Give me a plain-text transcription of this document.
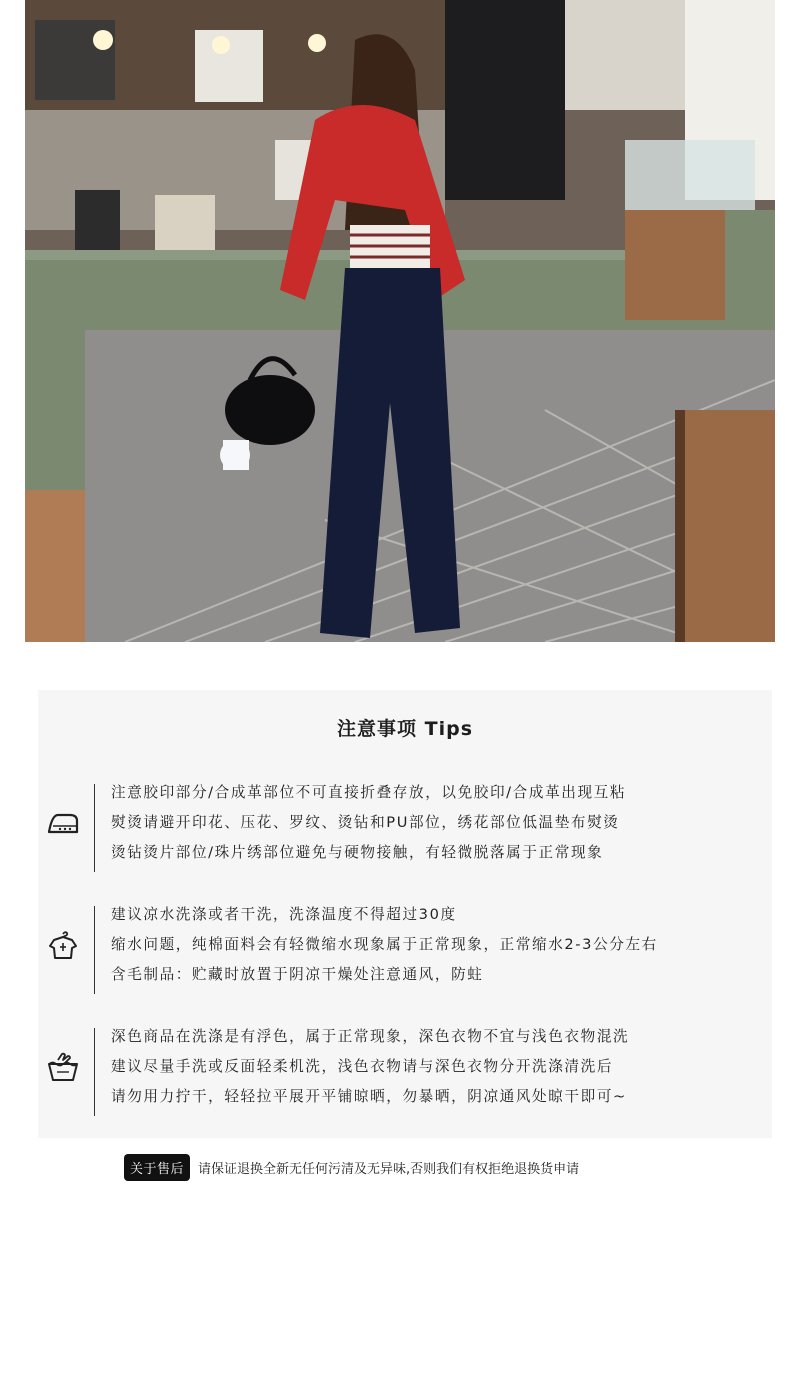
注意事项 Tips
注意胶印部分/合成革部位不可直接折叠存放，以免胶印/合成革出现互粘
熨烫请避开印花、压花、罗纹、烫钻和PU部位，绣花部位低温垫布熨烫
烫钻烫片部位/珠片绣部位避免与硬物接触，有轻微脱落属于正常现象
建议凉水洗涤或者干洗，洗涤温度不得超过30度
缩水问题，纯棉面料会有轻微缩水现象属于正常现象，正常缩水2-3公分左右
含毛制品：贮藏时放置于阴凉干燥处注意通风，防蛀
深色商品在洗涤是有浮色，属于正常现象，深色衣物不宜与浅色衣物混洗
建议尽量手洗或反面轻柔机洗，浅色衣物请与深色衣物分开洗涤清洗后
请勿用力拧干，轻轻拉平展开平铺晾晒，勿暴晒，阴凉通风处晾干即可~
关于售后	请保证退换全新无任何污清及无异味,否则我们有权拒绝退换货申请
